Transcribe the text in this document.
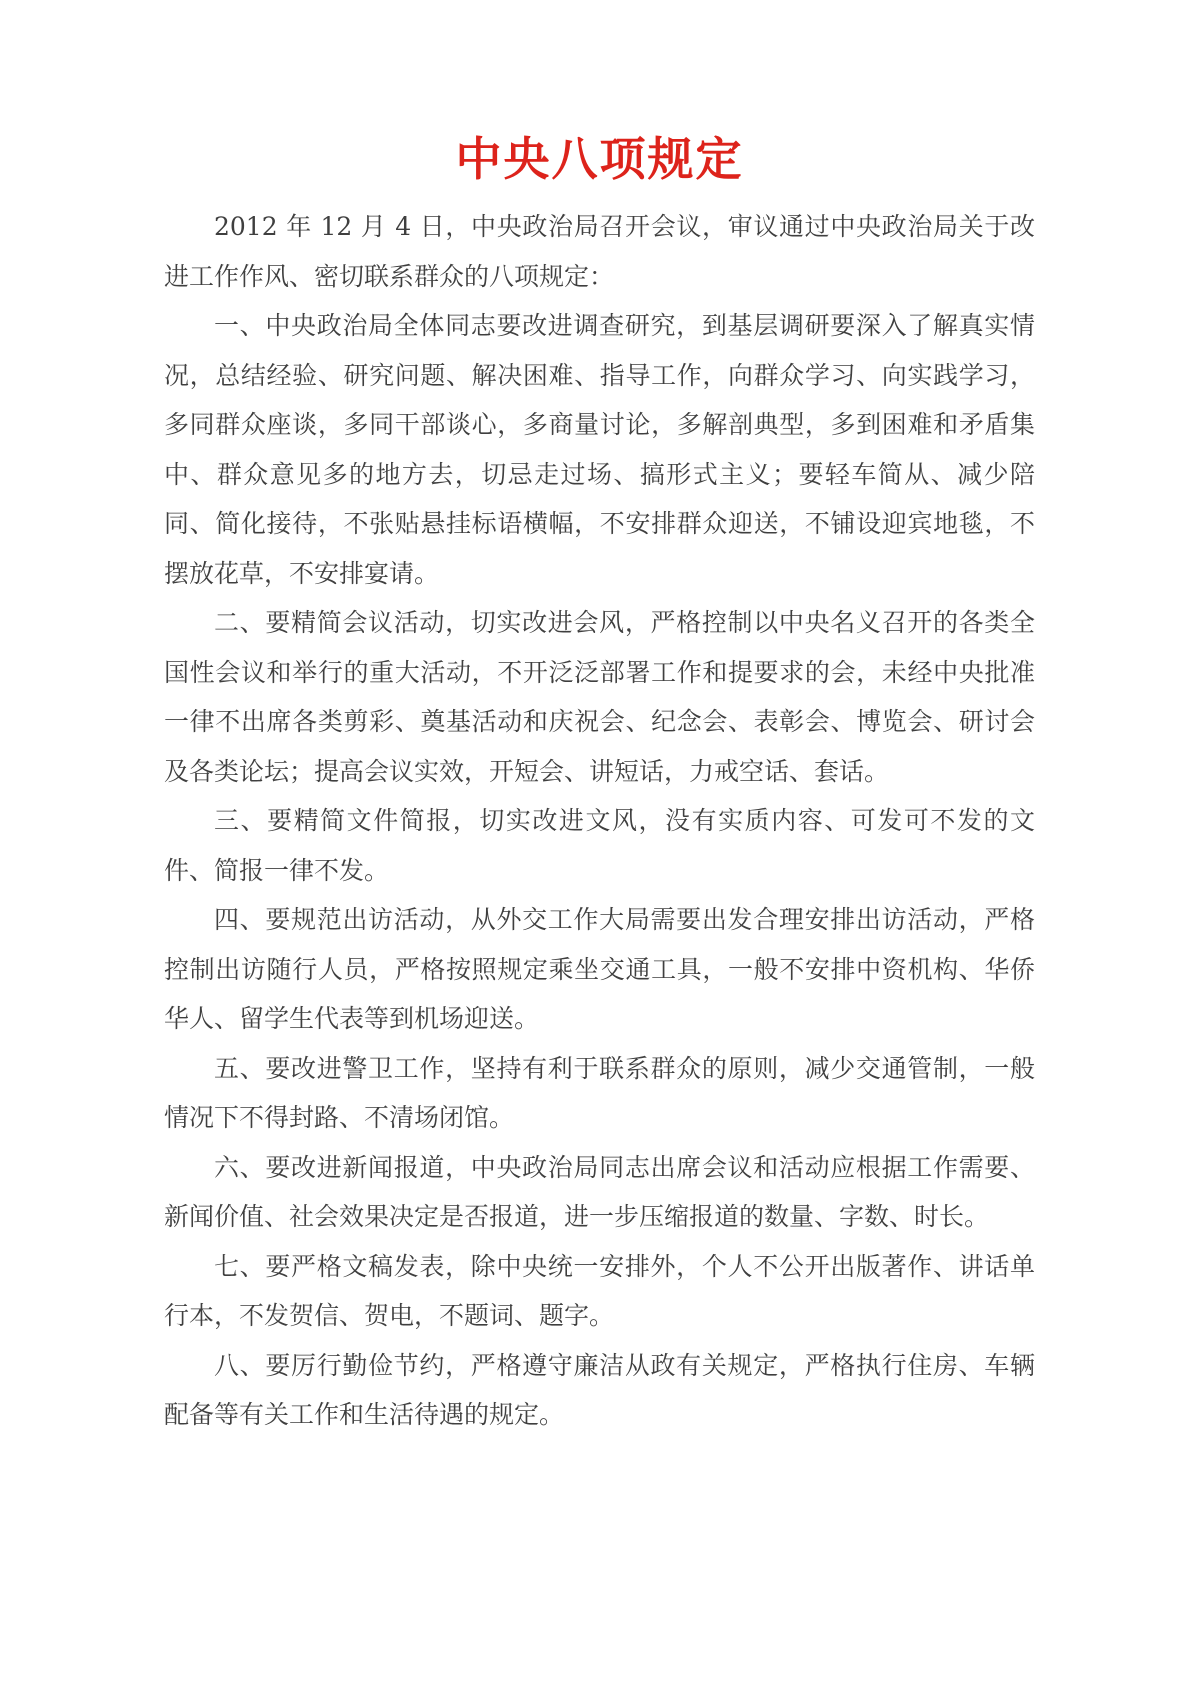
中央八项规定

2012 年 12 月 4 日，中央政治局召开会议，审议通过中央政治局关于改进工作作风、密切联系群众的八项规定：

一、中央政治局全体同志要改进调查研究，到基层调研要深入了解真实情况，总结经验、研究问题、解决困难、指导工作，向群众学习、向实践学习，多同群众座谈，多同干部谈心，多商量讨论，多解剖典型，多到困难和矛盾集中、群众意见多的地方去，切忌走过场、搞形式主义；要轻车简从、减少陪同、简化接待，不张贴悬挂标语横幅，不安排群众迎送，不铺设迎宾地毯，不摆放花草，不安排宴请。

二、要精简会议活动，切实改进会风，严格控制以中央名义召开的各类全国性会议和举行的重大活动，不开泛泛部署工作和提要求的会，未经中央批准一律不出席各类剪彩、奠基活动和庆祝会、纪念会、表彰会、博览会、研讨会及各类论坛；提高会议实效，开短会、讲短话，力戒空话、套话。

三、要精简文件简报，切实改进文风，没有实质内容、可发可不发的文件、简报一律不发。

四、要规范出访活动，从外交工作大局需要出发合理安排出访活动，严格控制出访随行人员，严格按照规定乘坐交通工具，一般不安排中资机构、华侨华人、留学生代表等到机场迎送。

五、要改进警卫工作，坚持有利于联系群众的原则，减少交通管制，一般情况下不得封路、不清场闭馆。

六、要改进新闻报道，中央政治局同志出席会议和活动应根据工作需要、新闻价值、社会效果决定是否报道，进一步压缩报道的数量、字数、时长。

七、要严格文稿发表，除中央统一安排外，个人不公开出版著作、讲话单行本，不发贺信、贺电，不题词、题字。

八、要厉行勤俭节约，严格遵守廉洁从政有关规定，严格执行住房、车辆配备等有关工作和生活待遇的规定。
